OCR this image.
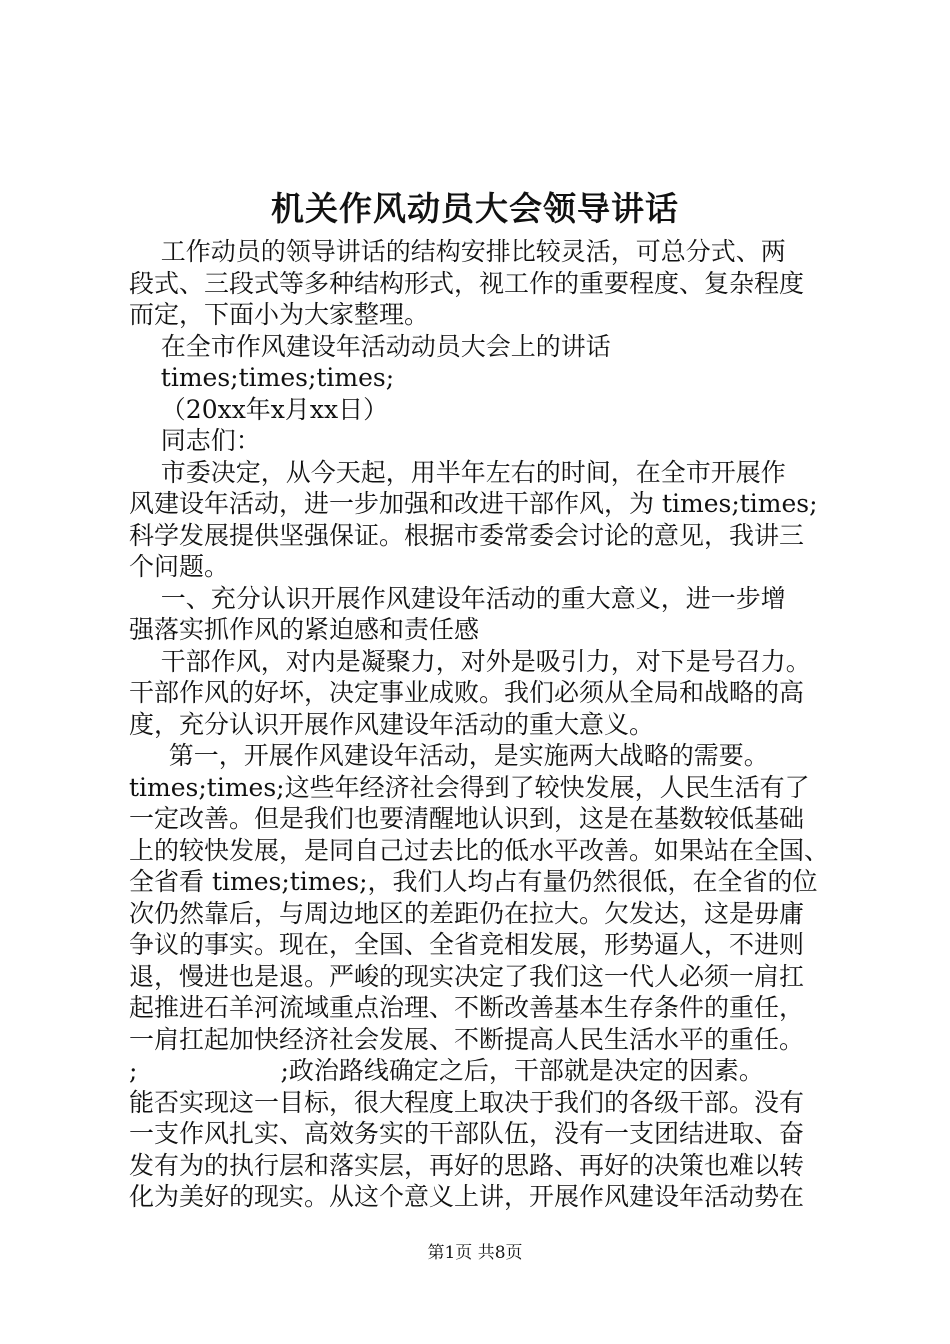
机关作风动员大会领导讲话
工作动员的领导讲话的结构安排比较灵活，可总分式、两
段式、三段式等多种结构形式，视工作的重要程度、复杂程度
而定，下面小为大家整理。
在全市作风建设年活动动员大会上的讲话
times;times;times;
（20xx年x月xx日）
同志们：
市委决定，从今天起，用半年左右的时间，在全市开展作
风建设年活动，进一步加强和改进干部作风，为 times;times;
科学发展提供坚强保证。根据市委常委会讨论的意见，我讲三
个问题。
一、充分认识开展作风建设年活动的重大意义，进一步增
强落实抓作风的紧迫感和责任感
干部作风，对内是凝聚力，对外是吸引力，对下是号召力。
干部作风的好坏，决定事业成败。我们必须从全局和战略的高
度，充分认识开展作风建设年活动的重大意义。
第一，开展作风建设年活动，是实施两大战略的需要。
times;times;这些年经济社会得到了较快发展，人民生活有了
一定改善。但是我们也要清醒地认识到，这是在基数较低基础
上的较快发展，是同自己过去比的低水平改善。如果站在全国、
全省看 times;times;，我们人均占有量仍然很低，在全省的位
次仍然靠后，与周边地区的差距仍在拉大。欠发达，这是毋庸
争议的事实。现在，全国、全省竞相发展，形势逼人，不进则
退，慢进也是退。严峻的现实决定了我们这一代人必须一肩扛
起推进石羊河流域重点治理、不断改善基本生存条件的重任，
一肩扛起加快经济社会发展、不断提高人民生活水平的重任。
;                  ;政治路线确定之后，干部就是决定的因素。
能否实现这一目标，很大程度上取决于我们的各级干部。没有
一支作风扎实、高效务实的干部队伍，没有一支团结进取、奋
发有为的执行层和落实层，再好的思路、再好的决策也难以转
化为美好的现实。从这个意义上讲，开展作风建设年活动势在
第1页 共8页
